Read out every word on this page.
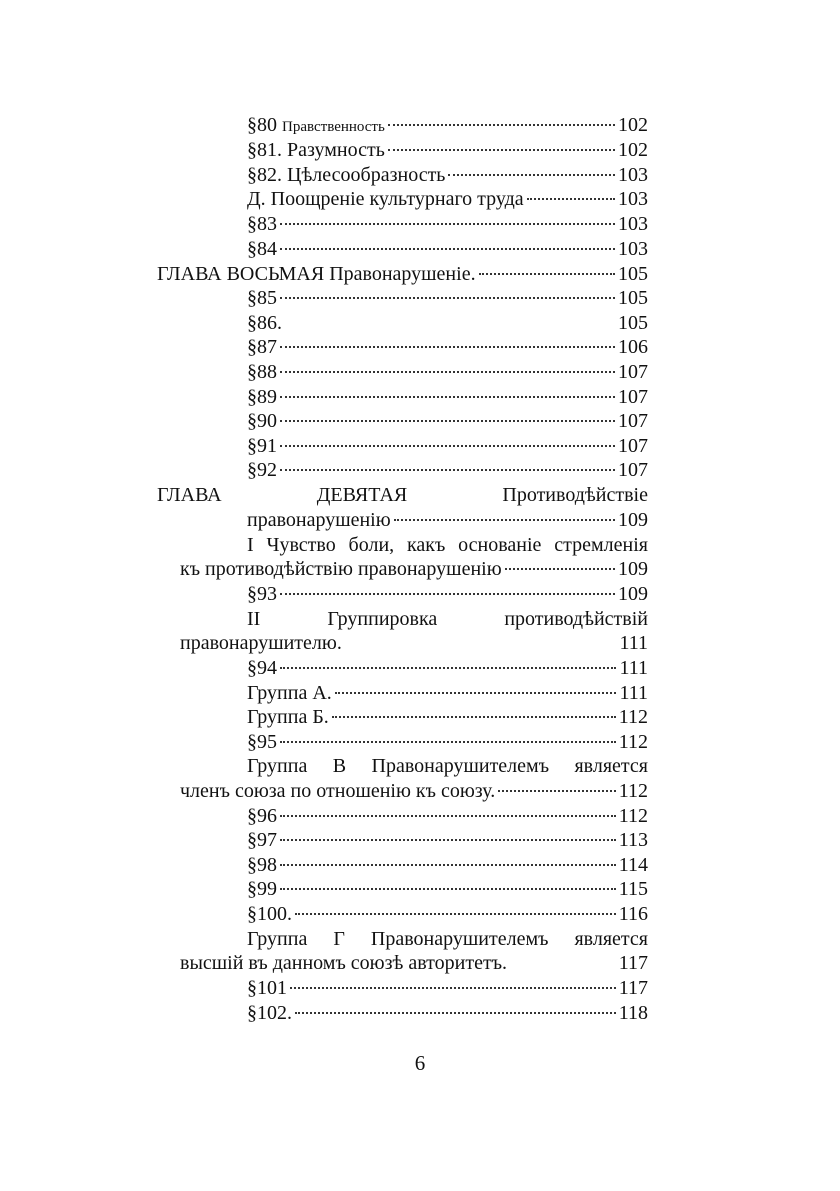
§80 Правственность	102
§81. Разумность	102
§82. Цѣлесообразность	103
Д. Поощреніе культурнаго труда	103
§83	103
§84	103
ГЛАВА ВОСЬМАЯ Правонарушеніе.	105
§85	105
§86.	105
§87	106
§88	107
§89	107
§90	107
§91	107
§92	107
ГЛАВА	ДЕВЯТАЯ	Противодѣйствіе
правонарушенію	109
I Чувство боли, какъ основаніе стремленія
къ противодѣйствію правонарушенію	109
§93	109
II	Группировка	противодѣйствій
правонарушителю.	111
§94	111
Группа А.	111
Группа Б.	112
§95	112
Группа В Правонарушителемъ является
членъ союза по отношенію къ союзу.	112
§96	112
§97	113
§98	114
§99	115
§100.	116
Группа Г Правонарушителемъ является
высшій въ данномъ союзѣ авторитетъ.	117
§101	117
§102.	118
6
